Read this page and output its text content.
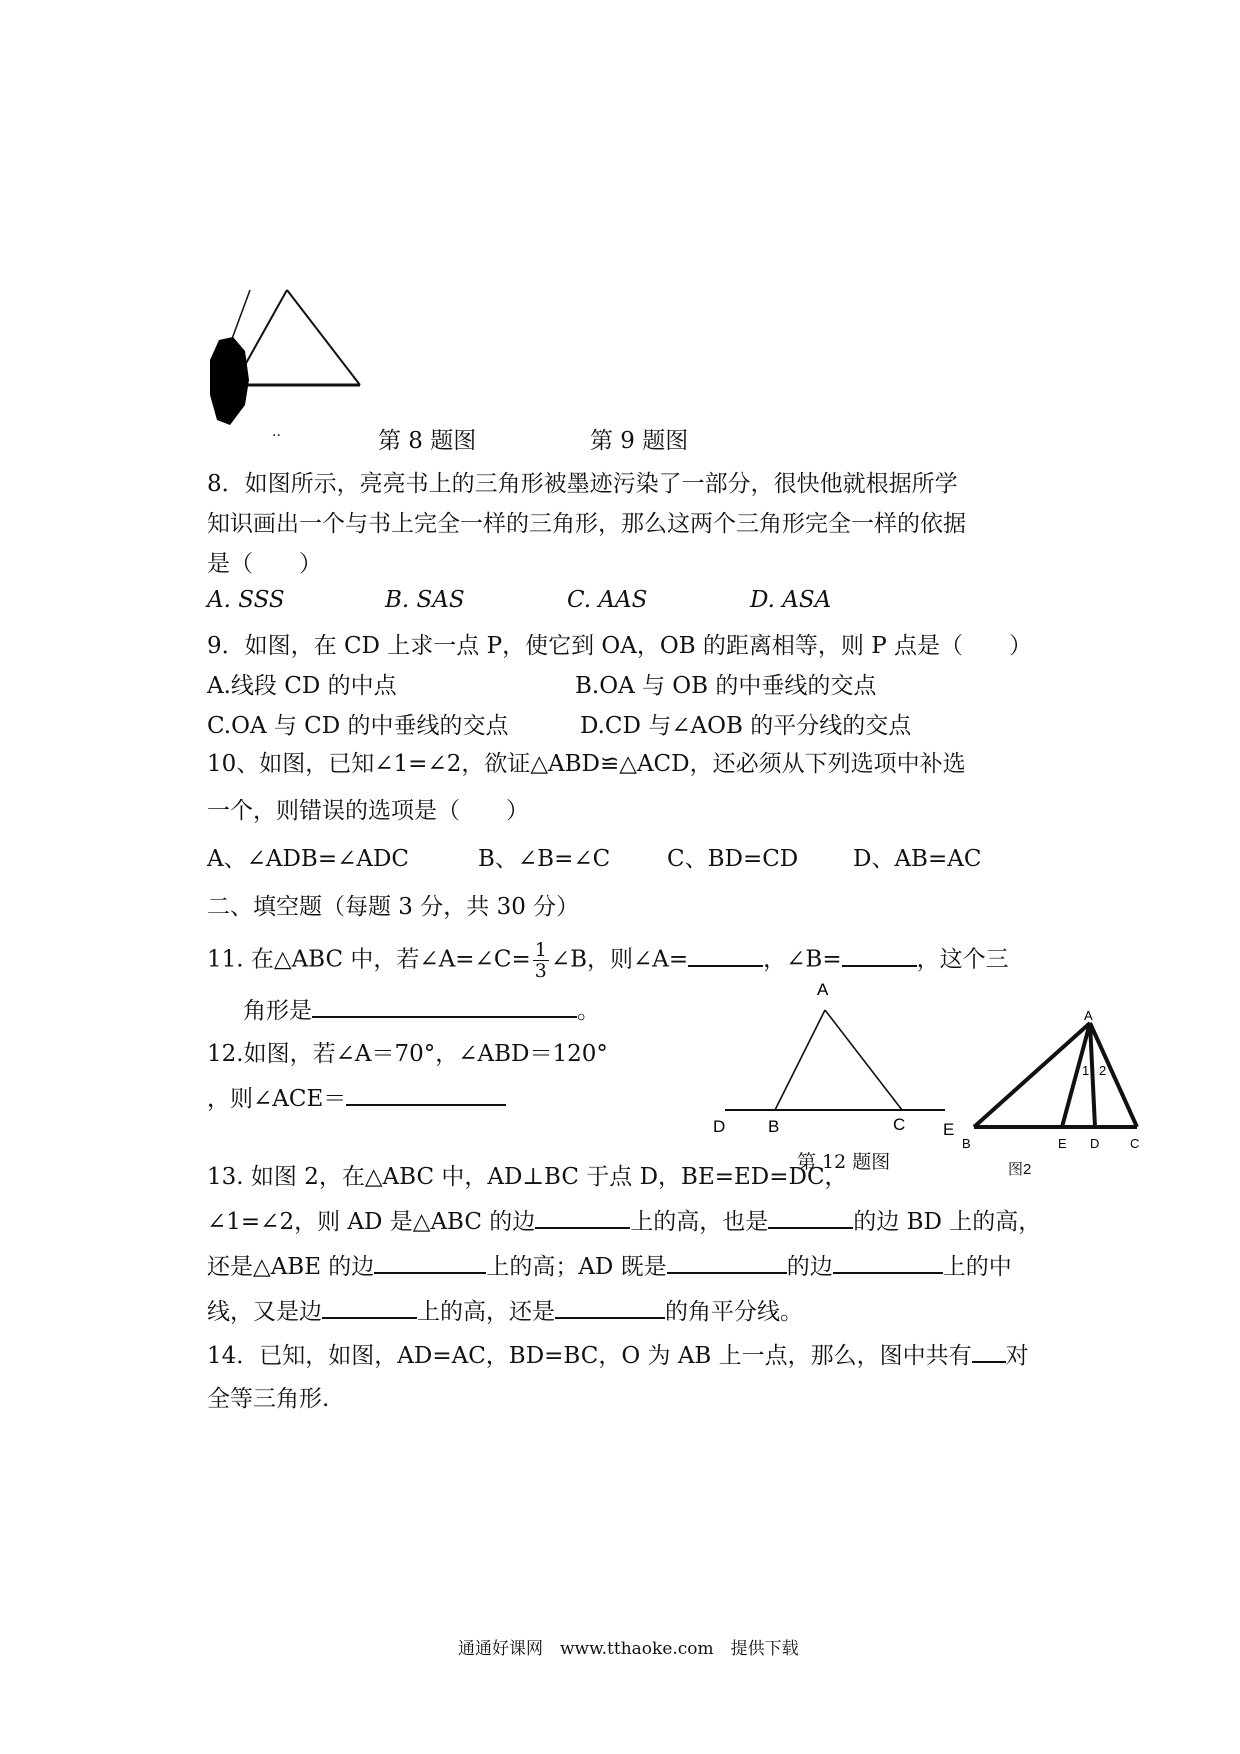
··	第 8 题图	第 9 题图
8．如图所示，亮亮书上的三角形被墨迹污染了一部分，很快他就根据所学
知识画出一个与书上完全一样的三角形，那么这两个三角形完全一样的依据
是（　　）
A. SSS	B. SAS	C. AAS	D. ASA
9．如图，在 CD 上求一点 P，使它到 OA，OB 的距离相等，则 P 点是（　　）
A.线段 CD 的中点	B.OA 与 OB 的中垂线的交点
C.OA 与 CD 的中垂线的交点	D.CD 与∠AOB 的平分线的交点
10、如图，已知∠1=∠2，欲证△ABD≌△ACD，还必须从下列选项中补选
一个，则错误的选项是（　　）
A、∠ADB=∠ADC	B、∠B=∠C C、BD=CD D、AB=AC
二、填空题（每题 3 分，共 30 分）
11. 在△ABC 中，若∠A=∠C= $\frac{1}{3}$ ∠B，则∠A=	，∠B=	，这个三
角形是	。
12.如图，若∠A＝70°，∠ABD＝120°
，则∠ACE＝
A
D	B	C E
第 12 题图
A
B	E D C
1 2
图2
13. 如图 2，在△ABC 中，AD⊥BC 于点 D，BE=ED=DC，
∠1=∠2，则 AD 是△ABC 的边	上的高，也是	的边 BD 上的高，
还是△ABE 的边	上的高；AD 既是	的边	上的中
线，又是边	上的高，还是	的角平分线。
14．已知，如图，AD=AC，BD=BC，O 为 AB 上一点，那么，图中共有 对
全等三角形.
通通好课网　www.tthaoke.com　提供下载
